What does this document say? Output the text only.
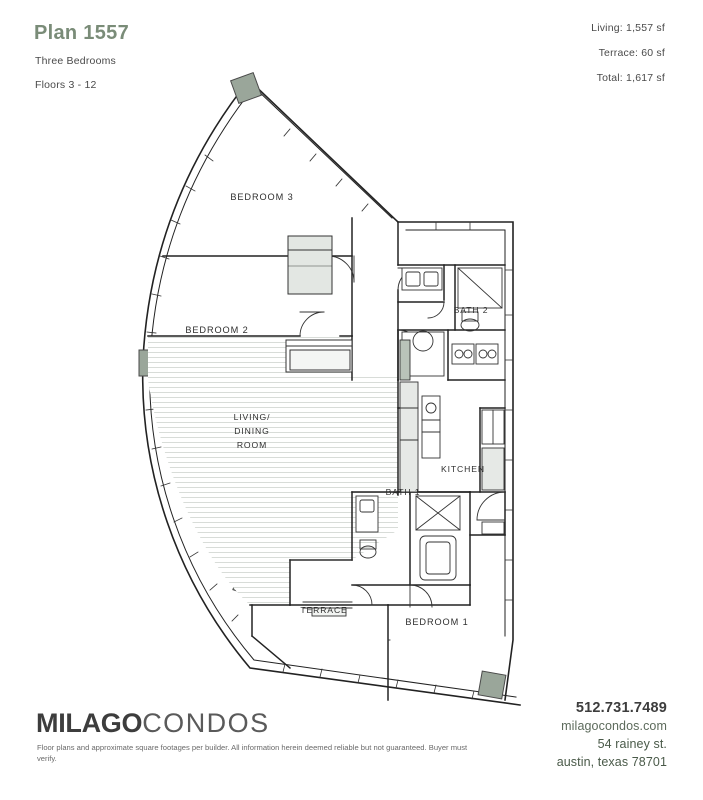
Plan 1557
Three Bedrooms
Floors 3 - 12
Living: 1,557 sf
Terrace: 60 sf
Total: 1,617 sf
BEDROOM 3
BEDROOM 2
BATH 2
KITCHEN
LIVING/
DINING
ROOM
BATH 1
TERRACE
BEDROOM 1
MILAGOCONDOS
Floor plans and approximate square footages per builder. All information herein deemed reliable but not guaranteed. Buyer must verify.
512.731.7489
milagocondos.com
54 rainey st.
austin, texas 78701
